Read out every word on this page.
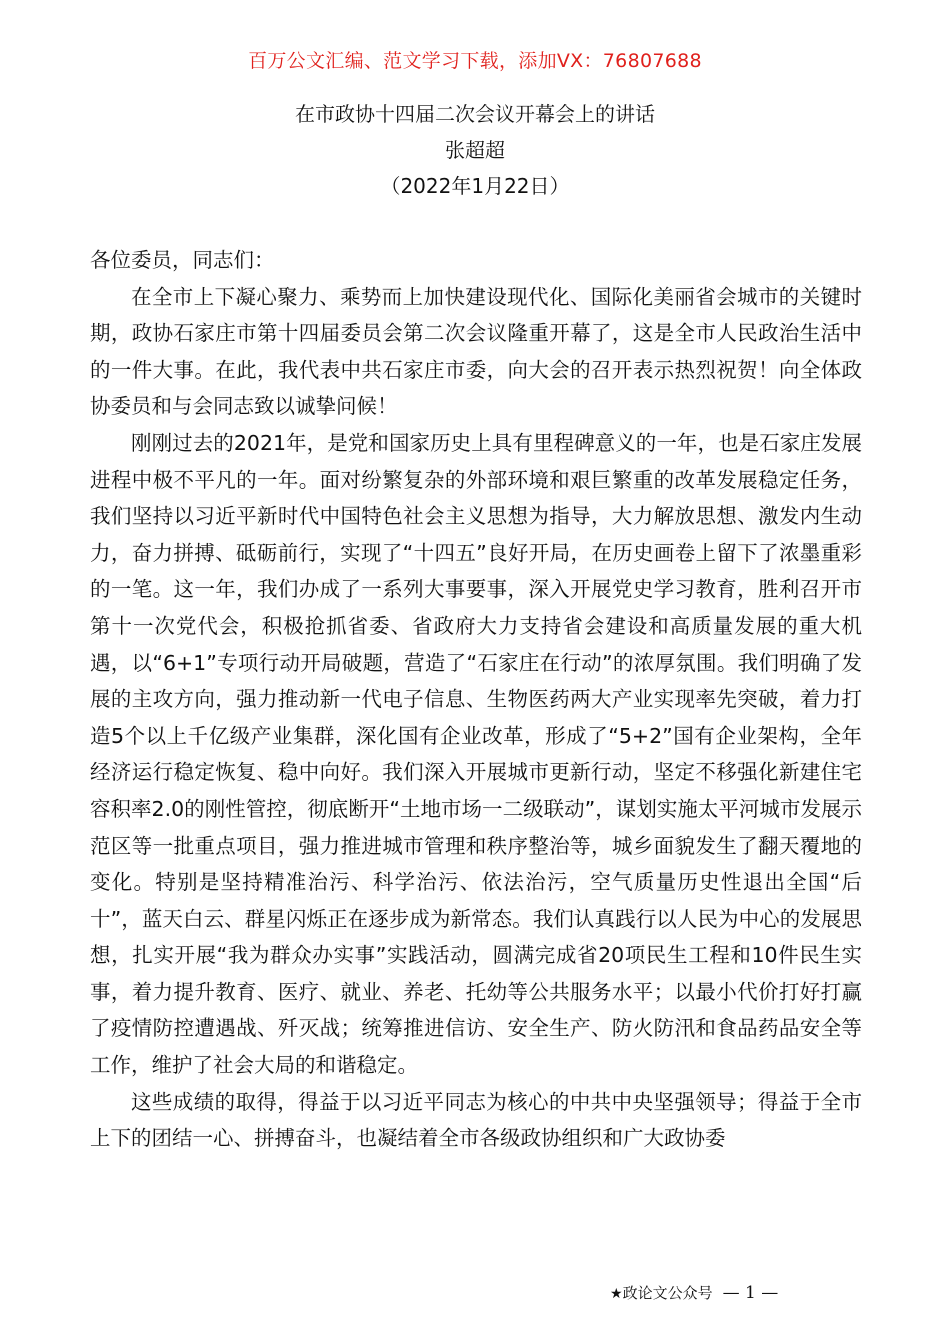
百万公文汇编、范文学习下载，添加VX：76807688
在市政协十四届二次会议开幕会上的讲话
张超超
（2022年1月22日）

各位委员，同志们：

在全市上下凝心聚力、乘势而上加快建设现代化、国际化美丽省会城市的关键时期，政协石家庄市第十四届委员会第二次会议隆重开幕了，这是全市人民政治生活中的一件大事。在此，我代表中共石家庄市委，向大会的召开表示热烈祝贺！向全体政协委员和与会同志致以诚挚问候！

刚刚过去的2021年，是党和国家历史上具有里程碑意义的一年，也是石家庄发展进程中极不平凡的一年。面对纷繁复杂的外部环境和艰巨繁重的改革发展稳定任务，我们坚持以习近平新时代中国特色社会主义思想为指导，大力解放思想、激发内生动力，奋力拼搏、砥砺前行，实现了“十四五”良好开局，在历史画卷上留下了浓墨重彩的一笔。这一年，我们办成了一系列大事要事，深入开展党史学习教育，胜利召开市第十一次党代会，积极抢抓省委、省政府大力支持省会建设和高质量发展的重大机遇，以“6+1”专项行动开局破题，营造了“石家庄在行动”的浓厚氛围。我们明确了发展的主攻方向，强力推动新一代电子信息、生物医药两大产业实现率先突破，着力打造5个以上千亿级产业集群，深化国有企业改革，形成了“5+2”国有企业架构，全年经济运行稳定恢复、稳中向好。我们深入开展城市更新行动，坚定不移强化新建住宅容积率2.0的刚性管控，彻底断开“土地市场一二级联动”，谋划实施太平河城市发展示范区等一批重点项目，强力推进城市管理和秩序整治等，城乡面貌发生了翻天覆地的变化。特别是坚持精准治污、科学治污、依法治污，空气质量历史性退出全国“后十”，蓝天白云、群星闪烁正在逐步成为新常态。我们认真践行以人民为中心的发展思想，扎实开展“我为群众办实事”实践活动，圆满完成省20项民生工程和10件民生实事，着力提升教育、医疗、就业、养老、托幼等公共服务水平；以最小代价打好打赢了疫情防控遭遇战、歼灭战；统筹推进信访、安全生产、防火防汛和食品药品安全等工作，维护了社会大局的和谐稳定。

这些成绩的取得，得益于以习近平同志为核心的中共中央坚强领导；得益于全市上下的团结一心、拼搏奋斗，也凝结着全市各级政协组织和广大政协委

★政论文公众号 — 1 —
